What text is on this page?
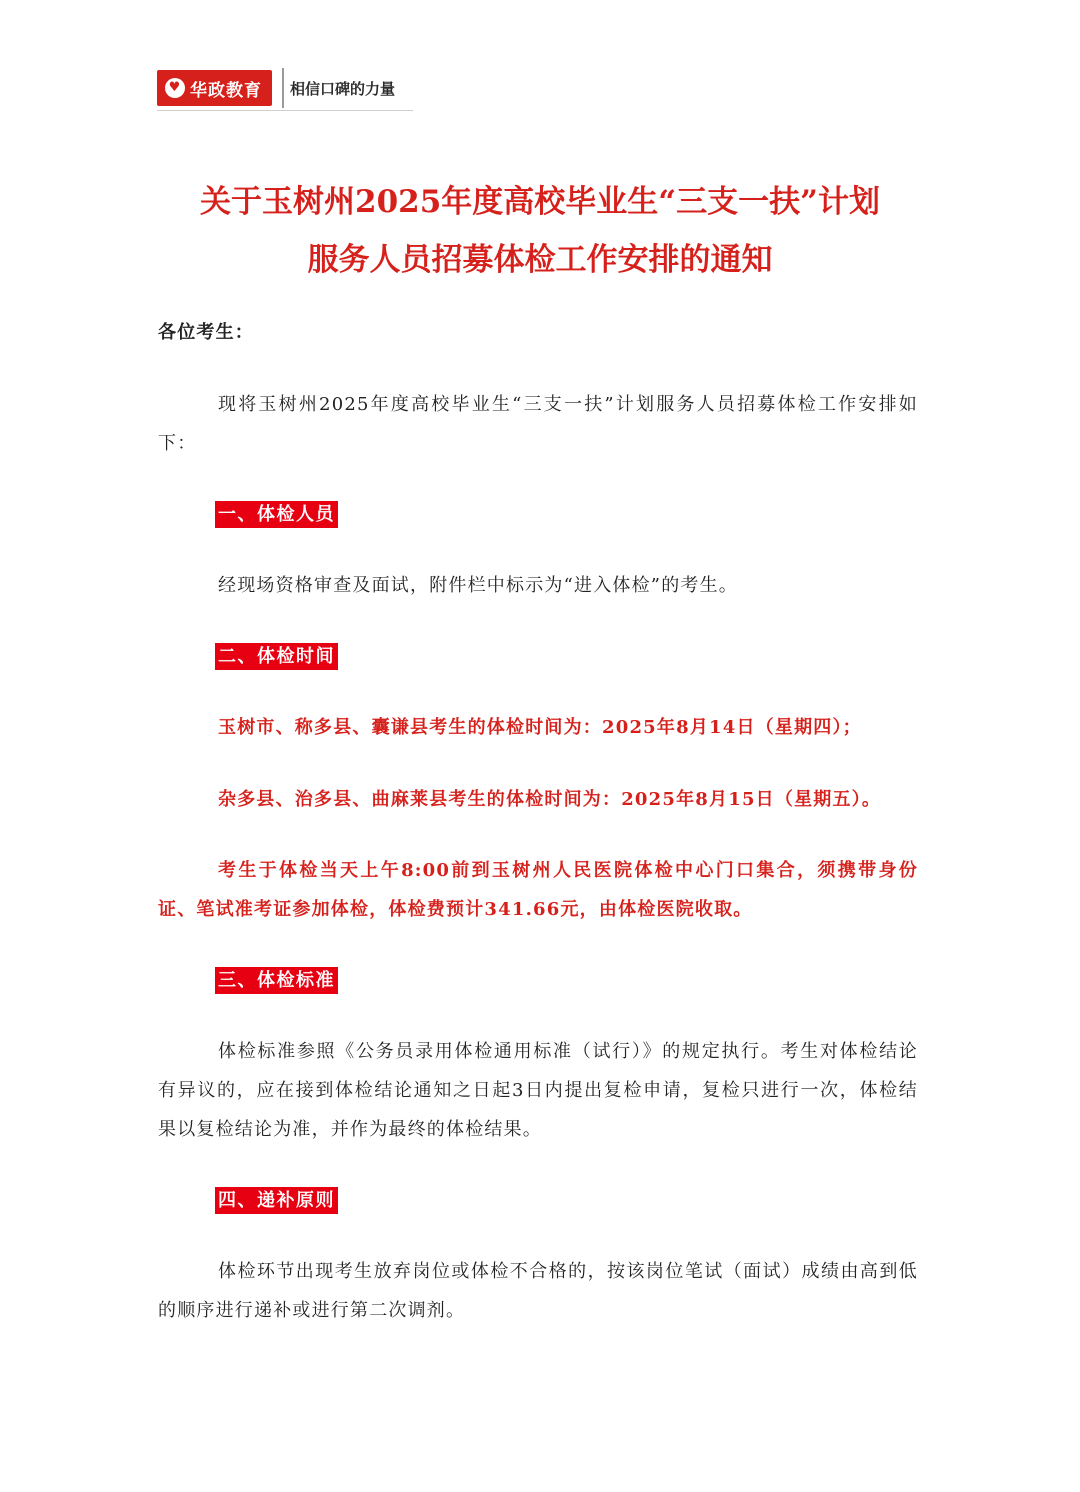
♥ 华政教育 相信口碑的力量
关于玉树州2025年度高校毕业生“三支一扶”计划
服务人员招募体检工作安排的通知
各位考生：
现将玉树州2025年度高校毕业生“三支一扶”计划服务人员招募体检工作安排如下：
一、体检人员
经现场资格审查及面试，附件栏中标示为“进入体检”的考生。
二、体检时间
玉树市、称多县、囊谦县考生的体检时间为：2025年8月14日（星期四）；
杂多县、治多县、曲麻莱县考生的体检时间为：2025年8月15日（星期五）。
考生于体检当天上午8:00前到玉树州人民医院体检中心门口集合，须携带身份证、笔试准考证参加体检，体检费预计341.66元，由体检医院收取。
三、体检标准
体检标准参照《公务员录用体检通用标准（试行）》的规定执行。考生对体检结论有异议的，应在接到体检结论通知之日起3日内提出复检申请，复检只进行一次，体检结果以复检结论为准，并作为最终的体检结果。
四、递补原则
体检环节出现考生放弃岗位或体检不合格的，按该岗位笔试（面试）成绩由高到低的顺序进行递补或进行第二次调剂。
